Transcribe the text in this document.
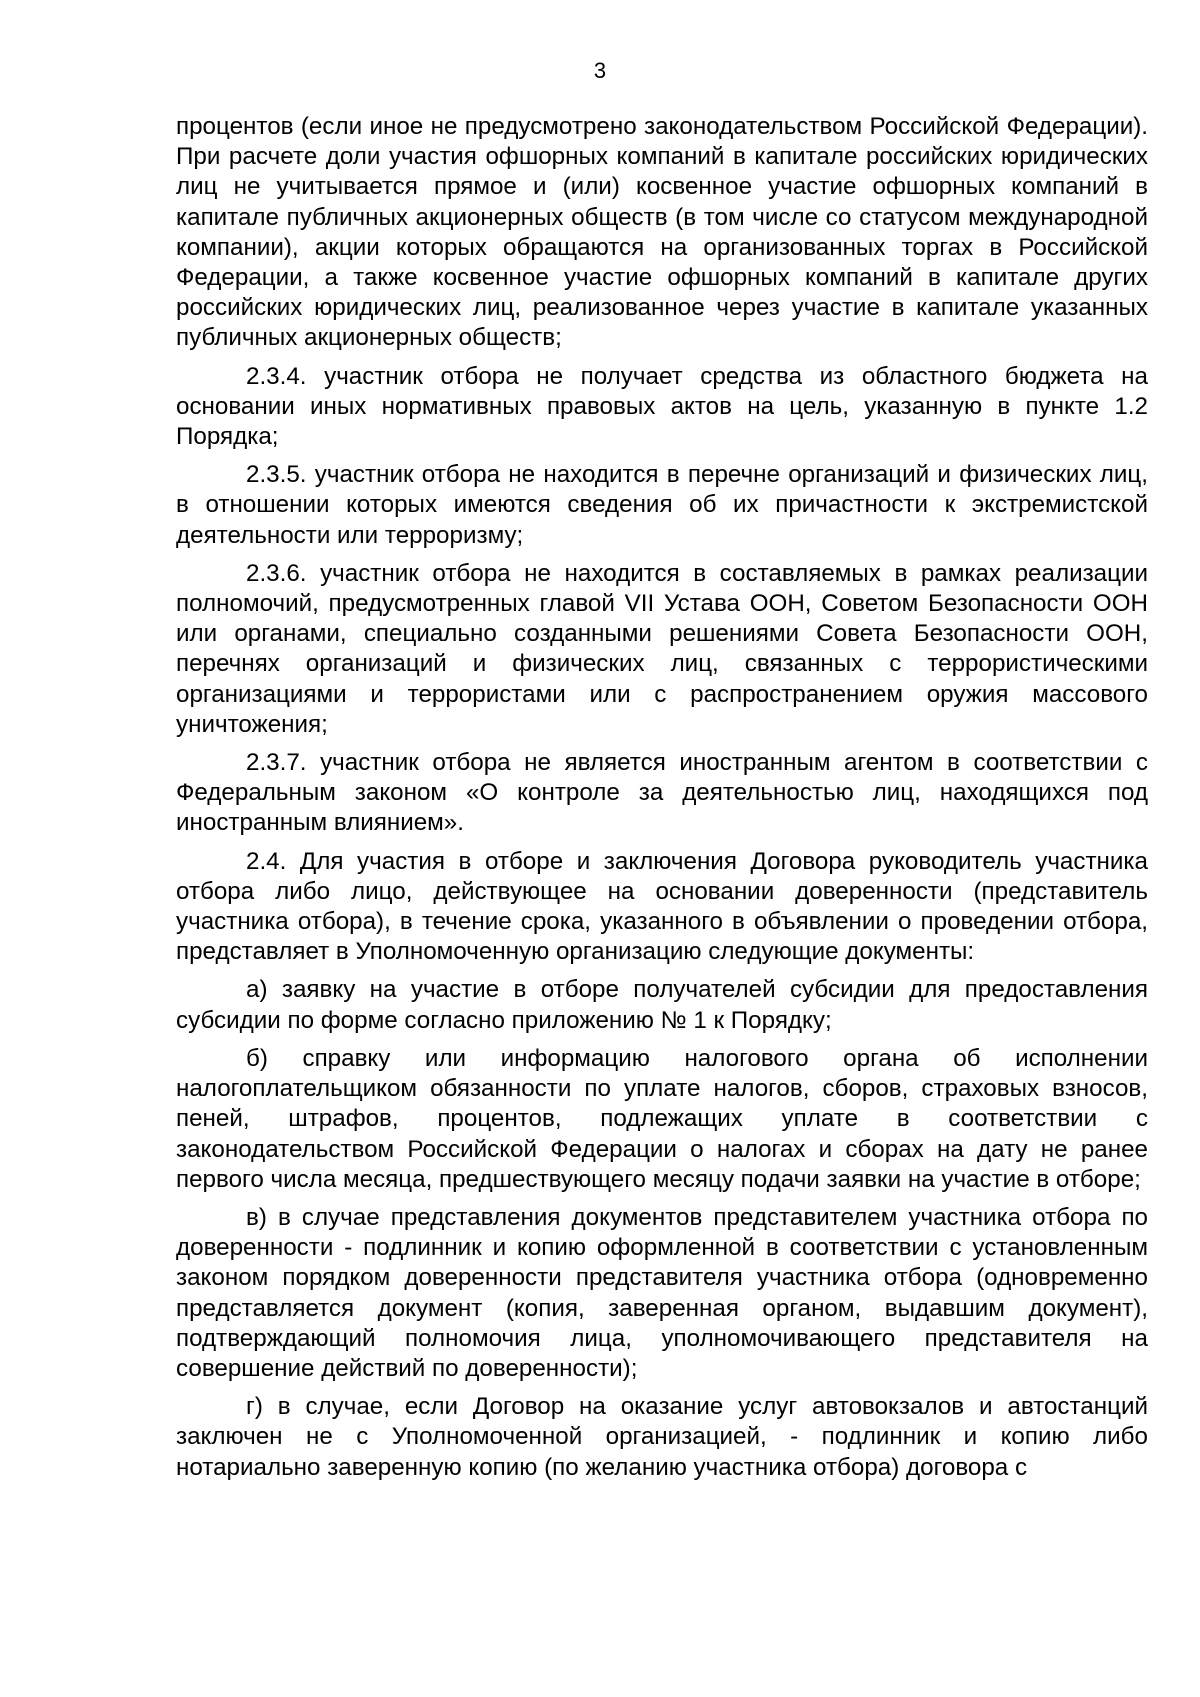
3

процентов (если иное не предусмотрено законодательством Российской Федерации). При расчете доли участия офшорных компаний в капитале российских юридических лиц не учитывается прямое и (или) косвенное участие офшорных компаний в капитале публичных акционерных обществ (в том числе со статусом международной компании), акции которых обращаются на организованных торгах в Российской Федерации, а также косвенное участие офшорных компаний в капитале других российских юридических лиц, реализованное через участие в капитале указанных публичных акционерных обществ;

2.3.4. участник отбора не получает средства из областного бюджета на основании иных нормативных правовых актов на цель, указанную в пункте 1.2 Порядка;

2.3.5. участник отбора не находится в перечне организаций и физических лиц, в отношении которых имеются сведения об их причастности к экстремистской деятельности или терроризму;

2.3.6. участник отбора не находится в составляемых в рамках реализации полномочий, предусмотренных главой VII Устава ООН, Советом Безопасности ООН или органами, специально созданными решениями Совета Безопасности ООН, перечнях организаций и физических лиц, связанных с террористическими организациями и террористами или с распространением оружия массового уничтожения;

2.3.7. участник отбора не является иностранным агентом в соответствии с Федеральным законом «О контроле за деятельностью лиц, находящихся под иностранным влиянием».

2.4. Для участия в отборе и заключения Договора руководитель участника отбора либо лицо, действующее на основании доверенности (представитель участника отбора), в течение срока, указанного в объявлении о проведении отбора, представляет в Уполномоченную организацию следующие документы:

а) заявку на участие в отборе получателей субсидии для предоставления субсидии по форме согласно приложению № 1 к Порядку;

б) справку или информацию налогового органа об исполнении налогоплательщиком обязанности по уплате налогов, сборов, страховых взносов, пеней, штрафов, процентов, подлежащих уплате в соответствии с законодательством Российской Федерации о налогах и сборах на дату не ранее первого числа месяца, предшествующего месяцу подачи заявки на участие в отборе;

в) в случае представления документов представителем участника отбора по доверенности - подлинник и копию оформленной в соответствии с установленным законом порядком доверенности представителя участника отбора (одновременно представляется документ (копия, заверенная органом, выдавшим документ), подтверждающий полномочия лица, уполномочивающего представителя на совершение действий по доверенности);

г) в случае, если Договор на оказание услуг автовокзалов и автостанций заключен не с Уполномоченной организацией, - подлинник и копию либо нотариально заверенную копию (по желанию участника отбора) договора с
